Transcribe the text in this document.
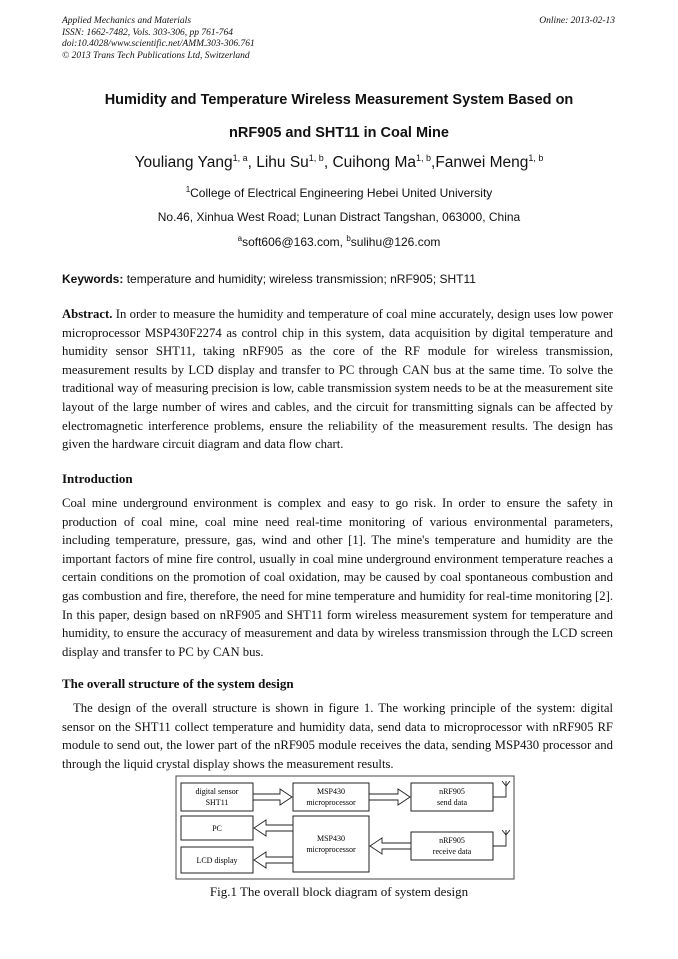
Applied Mechanics and Materials
ISSN: 1662-7482, Vols. 303-306, pp 761-764
doi:10.4028/www.scientific.net/AMM.303-306.761
© 2013 Trans Tech Publications Ltd, Switzerland
Online: 2013-02-13
Humidity and Temperature Wireless Measurement System Based on
nRF905 and SHT11 in Coal Mine
Youliang Yang$^{1, a}$, Lihu Su$^{1, b}$, Cuihong Ma$^{1, b}$,Fanwei Meng$^{1, b}$
$^1$College of Electrical Engineering Hebei United University
No.46, Xinhua West Road; Lunan Distract Tangshan, 063000, China
$^a$soft606@163.com, $^b$sulihu@126.com
Keywords: temperature and humidity; wireless transmission; nRF905; SHT11
Abstract. In order to measure the humidity and temperature of coal mine accurately, design uses low power microprocessor MSP430F2274 as control chip in this system, data acquisition by digital temperature and humidity sensor SHT11, taking nRF905 as the core of the RF module for wireless transmission, measurement results by LCD display and transfer to PC through CAN bus at the same time. To solve the traditional way of measuring precision is low, cable transmission system needs to be at the measurement site layout of the large number of wires and cables, and the circuit for transmitting signals can be affected by electromagnetic interference problems, ensure the reliability of the measurement results. The design has given the hardware circuit diagram and data flow chart.
Introduction
Coal mine underground environment is complex and easy to go risk. In order to ensure the safety in production of coal mine, coal mine need real-time monitoring of various environmental parameters, including temperature, pressure, gas, wind and other [1]. The mine's temperature and humidity are the important factors of mine fire control, usually in coal mine underground environment temperature reaches a certain conditions on the promotion of coal oxidation, may be caused by coal spontaneous combustion and gas combustion and fire, therefore, the need for mine temperature and humidity for real-time monitoring [2]. In this paper, design based on nRF905 and SHT11 form wireless measurement system for temperature and humidity, to ensure the accuracy of measurement and data by wireless transmission through the LCD screen display and transfer to PC by CAN bus.
The overall structure of the system design
The design of the overall structure is shown in figure 1. The working principle of the system: digital sensor on the SHT11 collect temperature and humidity data, send data to microprocessor with nRF905 RF module to send out, the lower part of the nRF905 module receives the data, sending MSP430 processor and through the liquid crystal display shows the measurement results.
digital sensor
SHT11
MSP430
microprocessor
nRF905
send data
PC
MSP430
microprocessor
nRF905
receive data
LCD display
Fig.1 The overall block diagram of system design
